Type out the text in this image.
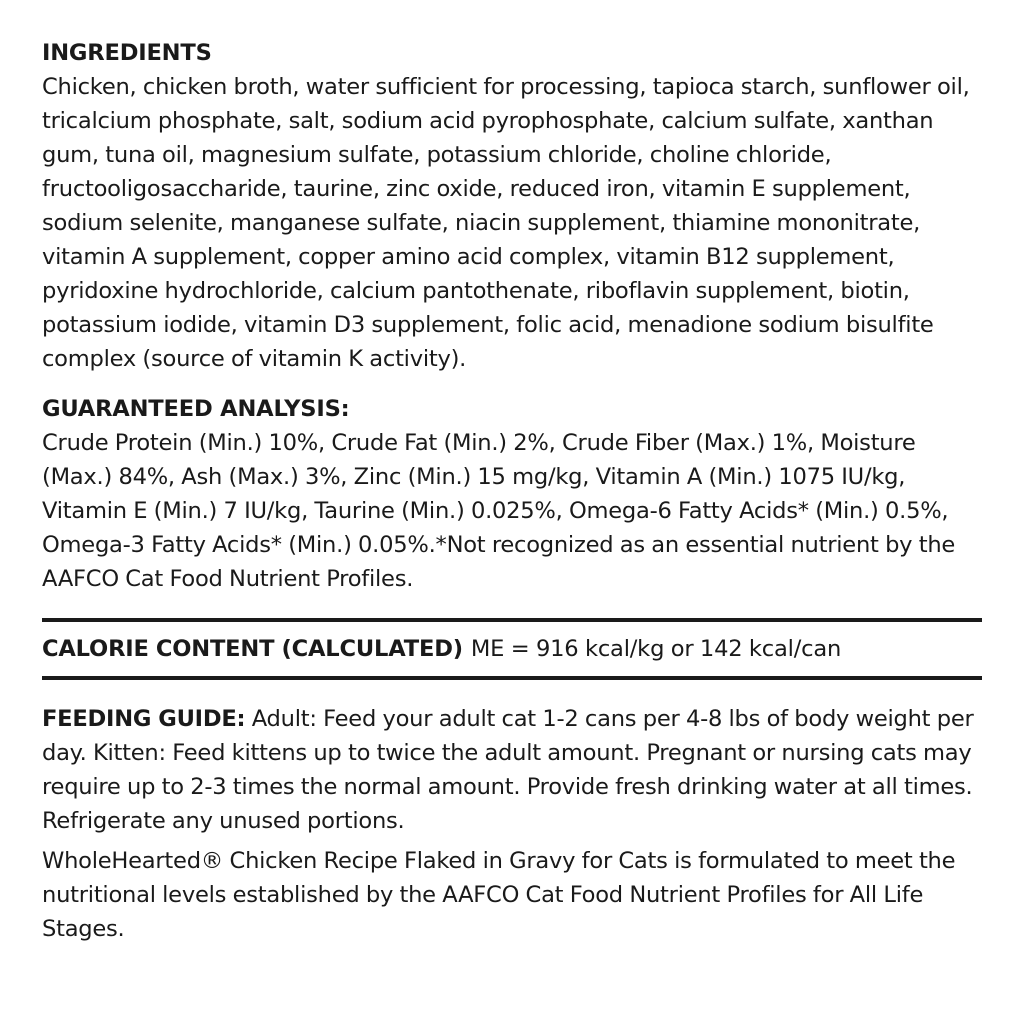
INGREDIENTS

Chicken, chicken broth, water sufficient for processing, tapioca starch, sunflower oil, tricalcium phosphate, salt, sodium acid pyrophosphate, calcium sulfate, xanthan gum, tuna oil, magnesium sulfate, potassium chloride, choline chloride, fructooligosaccharide, taurine, zinc oxide, reduced iron, vitamin E supplement, sodium selenite, manganese sulfate, niacin supplement, thiamine mononitrate, vitamin A supplement, copper amino acid complex, vitamin B12 supplement, pyridoxine hydrochloride, calcium pantothenate, riboflavin supplement, biotin, potassium iodide, vitamin D3 supplement, folic acid, menadione sodium bisulfite complex (source of vitamin K activity).

GUARANTEED ANALYSIS:

Crude Protein (Min.) 10%, Crude Fat (Min.) 2%, Crude Fiber (Max.) 1%, Moisture (Max.) 84%, Ash (Max.) 3%, Zinc (Min.) 15 mg/kg, Vitamin A (Min.) 1075 IU/kg, Vitamin E (Min.) 7 IU/kg, Taurine (Min.) 0.025%, Omega-6 Fatty Acids* (Min.) 0.5%, Omega-3 Fatty Acids* (Min.) 0.05%.*Not recognized as an essential nutrient by the AAFCO Cat Food Nutrient Profiles.

CALORIE CONTENT (CALCULATED) ME = 916 kcal/kg or 142 kcal/can
FEEDING GUIDE: Adult: Feed your adult cat 1-2 cans per 4-8 lbs of body weight per day. Kitten: Feed kittens up to twice the adult amount. Pregnant or nursing cats may require up to 2-3 times the normal amount. Provide fresh drinking water at all times. Refrigerate any unused portions.

WholeHearted® Chicken Recipe Flaked in Gravy for Cats is formulated to meet the nutritional levels established by the AAFCO Cat Food Nutrient Profiles for All Life Stages.
